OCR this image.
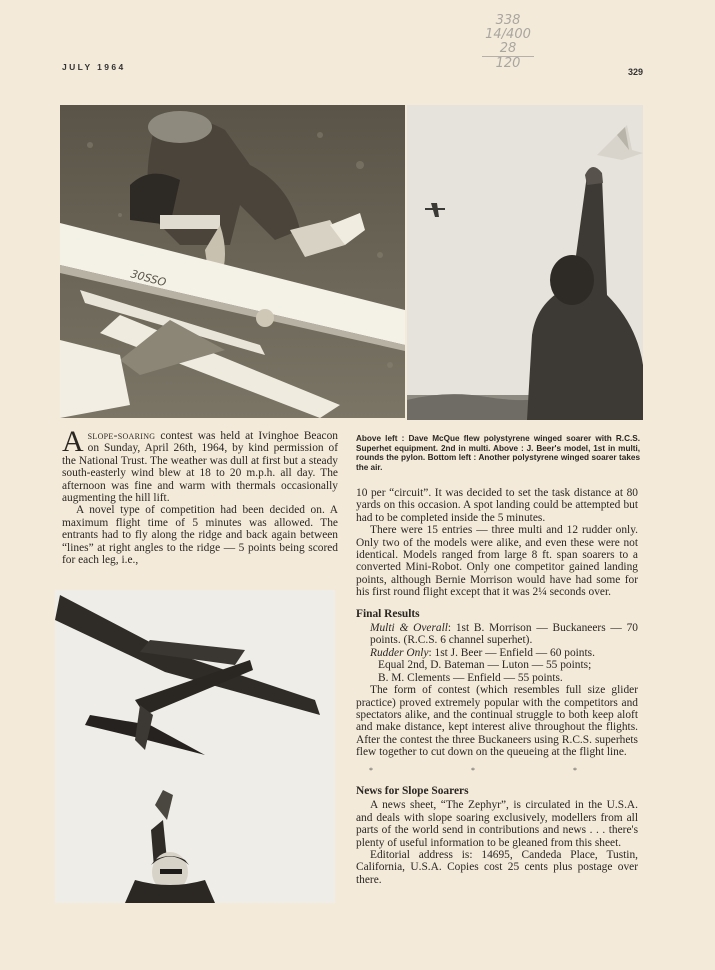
JULY 1964	329
338
14/400
28
120
30SSO

A slope-soaring contest was held at Ivinghoe Beacon on Sunday, April 26th, 1964, by kind permission of the National Trust. The weather was dull at first but a steady south-easterly wind blew at 18 to 20 m.p.h. all day. The afternoon was fine and warm with thermals occasionally augmenting the hill lift.

A novel type of competition had been decided on. A maximum flight time of 5 minutes was allowed. The entrants had to fly along the ridge and back again between “lines” at right angles to the ridge — 5 points being scored for each leg, i.e.,

Above left : Dave McQue flew polystyrene winged soarer with R.C.S. Superhet equipment. 2nd in multi. Above : J. Beer's model, 1st in multi, rounds the pylon. Bottom left : Another polystyrene winged soarer takes the air.

10 per “circuit”. It was decided to set the task distance at 80 yards on this occasion. A spot landing could be attempted but had to be completed inside the 5 minutes.

There were 15 entries — three multi and 12 rudder only. Only two of the models were alike, and even these were not identical. Models ranged from large 8 ft. span soarers to a converted Mini-Robot. Only one competitor gained landing points, although Bernie Morrison would have had some for his first round flight except that it was 2¼ seconds over.

Final Results
Multi & Overall: 1st B. Morrison — Buckaneers — 70 points. (R.C.S. 6 channel superhet).
Rudder Only: 1st J. Beer — Enfield — 60 points.
Equal 2nd, D. Bateman — Luton — 55 points;
B. M. Clements — Enfield — 55 points.

The form of contest (which resembles full size glider practice) proved extremely popular with the competitors and spectators alike, and the continual struggle to both keep aloft and make distance, kept interest alive throughout the flights. After the contest the three Buckaneers using R.C.S. superhets flew together to cut down on the queueing at the flight line.

* * *
News for Slope Soarers

A news sheet, “The Zephyr”, is circulated in the U.S.A. and deals with slope soaring exclusively, modellers from all parts of the world send in contributions and news . . . there's plenty of useful information to be gleaned from this sheet.

Editorial address is: 14695, Candeda Place, Tustin, California, U.S.A. Copies cost 25 cents plus postage over there.
